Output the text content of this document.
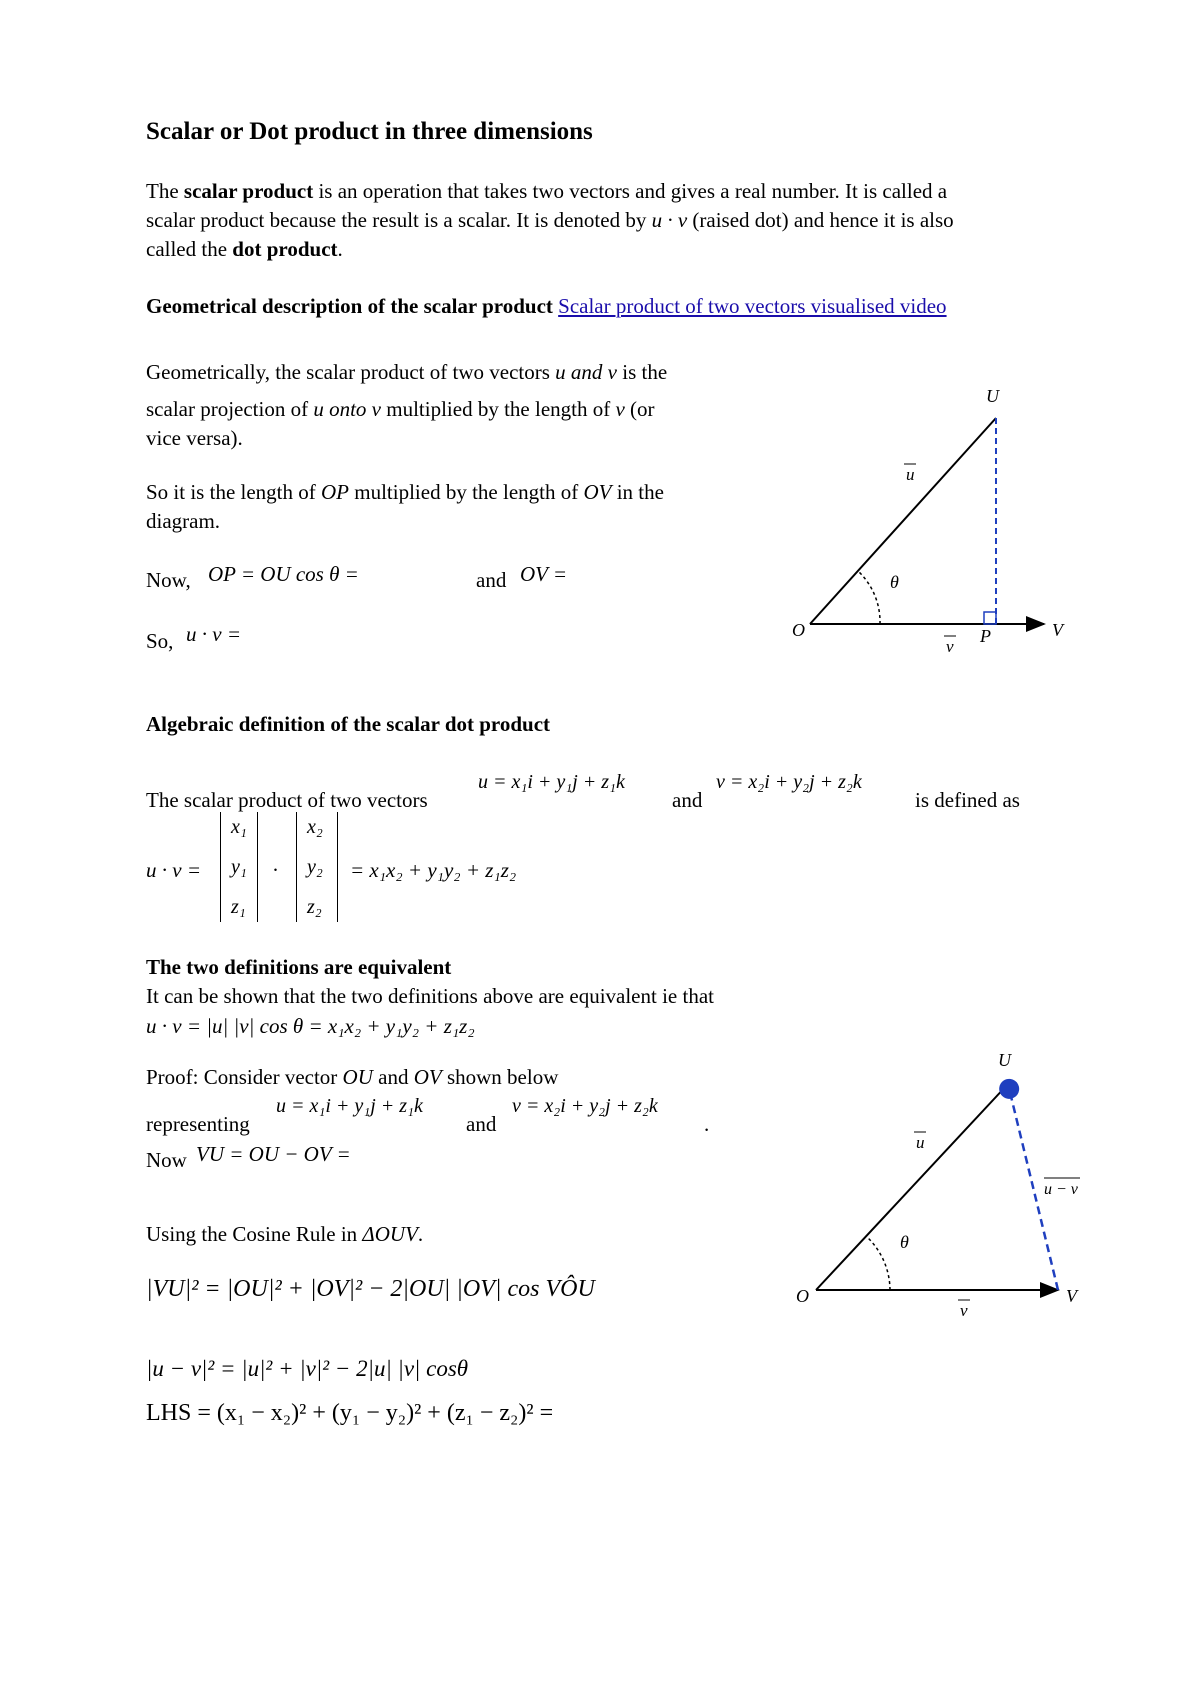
Scalar or Dot product in three dimensions
The scalar product is an operation that takes two vectors and gives a real number. It is called a
scalar product because the result is a scalar. It is denoted by u · v (raised dot) and hence it is also
called the dot product.
Geometrical description of the scalar product Scalar product of two vectors visualised video
Geometrically, the scalar product of two vectors u and v is the
scalar projection of u onto v multiplied by the length of v (or
vice versa).
So it is the length of OP multiplied by the length of OV in the
diagram.
Now, OP = OU cos θ =	and OV =
So, u · v =
U
O	V
P
u
v
θ
Algebraic definition of the scalar dot product
The scalar product of two vectors
u = x₁i + y₁j + z₁k
and
v = x₂i + y₂j + z₂k
is defined as
u · v =
x₁
y₁
z₁
·
x₂
y₂
z₂
= x₁x₂ + y₁y₂ + z₁z₂
The two definitions are equivalent
It can be shown that the two definitions above are equivalent ie that
u · v = |u| |v| cos θ = x₁x₂ + y₁y₂ + z₁z₂
Proof: Consider vector OU and OV shown below
representing
u = x₁i + y₁j + z₁k
and
v = x₂i + y₂j + z₂k
.
Now VU = OU − OV =
Using the Cosine Rule in ΔOUV.
|VU|² = |OU|² + |OV|² − 2|OU| |OV| cos VÔU
|u − v|² = |u|² + |v|² − 2|u| |v| cosθ
LHS = (x₁ − x₂)² + (y₁ − y₂)² + (z₁ − z₂)² =
U
O	V
u
v
u − v
θ
